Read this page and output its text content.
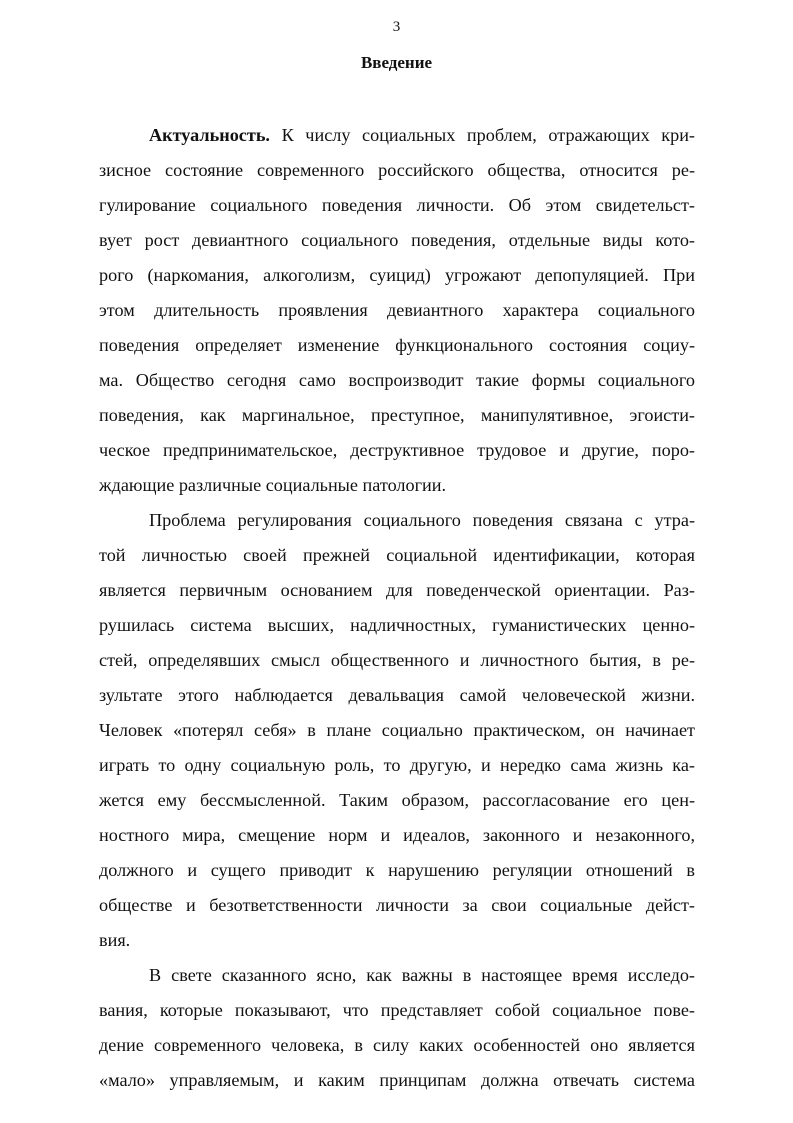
3
Введение
Актуальность. К числу социальных проблем, отражающих кри-
зисное состояние современного российского общества, относится ре-
гулирование социального поведения личности. Об этом свидетельст-
вует рост девиантного социального поведения, отдельные виды кото-
рого (наркомания, алкоголизм, суицид) угрожают депопуляцией. При
этом длительность проявления девиантного характера социального
поведения определяет изменение функционального состояния социу-
ма. Общество сегодня само воспроизводит такие формы социального
поведения, как маргинальное, преступное, манипулятивное, эгоисти-
ческое предпринимательское, деструктивное трудовое и другие, поро-
ждающие различные социальные патологии.
Проблема регулирования социального поведения связана с утра-
той личностью своей прежней социальной идентификации, которая
является первичным основанием для поведенческой ориентации. Раз-
рушилась система высших, надличностных, гуманистических ценно-
стей, определявших смысл общественного и личностного бытия, в ре-
зультате этого наблюдается девальвация самой человеческой жизни.
Человек «потерял себя» в плане социально практическом, он начинает
играть то одну социальную роль, то другую, и нередко сама жизнь ка-
жется ему бессмысленной. Таким образом, рассогласование его цен-
ностного мира, смещение норм и идеалов, законного и незаконного,
должного и сущего приводит к нарушению регуляции отношений в
обществе и безответственности личности за свои социальные дейст-
вия.
В свете сказанного ясно, как важны в настоящее время исследо-
вания, которые показывают, что представляет собой социальное пове-
дение современного человека, в силу каких особенностей оно является
«мало» управляемым, и каким принципам должна отвечать система
